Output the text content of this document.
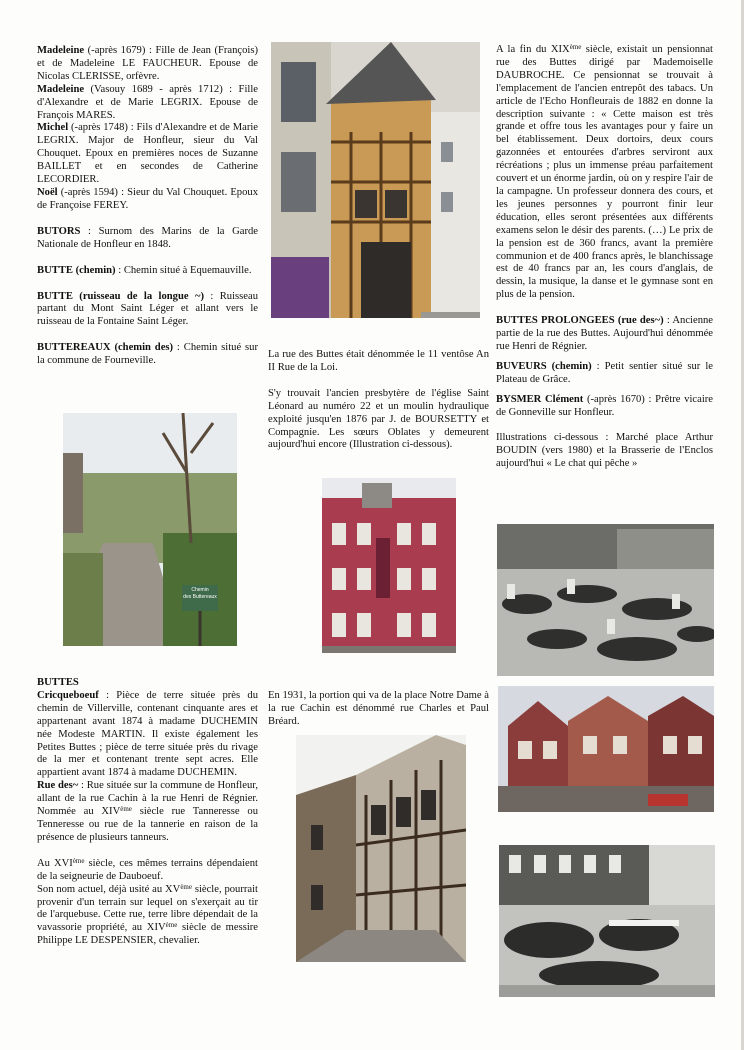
Madeleine (-après 1679) : Fille de Jean (François) et de Madeleine LE FAUCHEUR. Epouse de Nicolas CLERISSE, orfèvre.

Madeleine (Vasouy 1689 - après 1712) : Fille d'Alexandre et de Marie LEGRIX. Epouse de François MARES.

Michel (-après 1748) : Fils d'Alexandre et de Marie LEGRIX. Major de Honfleur, sieur du Val Chouquet. Epoux en premières noces de Suzanne BAILLET et en secondes de Catherine LECORDIER.

Noël (-après 1594) : Sieur du Val Chouquet. Epoux de Françoise FEREY.

BUTORS : Surnom des Marins de la Garde Nationale de Honfleur en 1848.

BUTTE (chemin) : Chemin situé à Equemauville.

BUTTE (ruisseau de la longue ~) : Ruisseau partant du Mont Saint Léger et allant vers le ruisseau de la Fontaine Saint Léger.

BUTTEREAUX (chemin des) : Chemin situé sur la commune de Fourneville.

La rue des Buttes était dénommée le 11 ventôse An II Rue de la Loi.

S'y trouvait l'ancien presbytère de l'église Saint Léonard au numéro 22 et un moulin hydraulique exploité jusqu'en 1876 par J. de BOURSETTY et Compagnie. Les sœurs Oblates y demeurent aujourd'hui encore (Illustration ci-dessous).

Chemin
des Buttereaux

En 1931, la portion qui va de la place Notre Dame à la rue Cachin est dénommé rue Charles et Paul Bréard.

BUTTES

Cricqueboeuf : Pièce de terre située près du chemin de Villerville, contenant cinquante ares et appartenant avant 1874 à madame DUCHEMIN née Modeste MARTIN. Il existe également les Petites Buttes ; pièce de terre située près du rivage de la mer et contenant trente sept acres. Elle appartient avant 1874 à madame DUCHEMIN.

Rue des~ : Rue située sur la commune de Honfleur, allant de la rue Cachin à la rue Henri de Régnier. Nommée au XIVème siècle rue Tanneresse ou Tenneresse ou rue de la tannerie en raison de la présence de plusieurs tanneurs.

Au XVIème siècle, ces mêmes terrains dépendaient de la seigneurie de Dauboeuf.

Son nom actuel, déjà usité au XVème siècle, pourrait provenir d'un terrain sur lequel on s'exerçait au tir de l'arquebuse. Cette rue, terre libre dépendait de la vavassorie propriété, au XIVème siècle de messire Philippe LE DESPENSIER, chevalier.

A la fin du XIXème siècle, existait un pensionnat rue des Buttes dirigé par Mademoiselle DAUBROCHE. Ce pensionnat se trouvait à l'emplacement de l'ancien entrepôt des tabacs. Un article de l'Echo Honfleurais de 1882 en donne la description suivante : « Cette maison est très grande et offre tous les avantages pour y faire un bel établissement. Deux dortoirs, deux cours gazonnées et entourées d'arbres serviront aux récréations ; plus un immense préau parfaitement couvert et un énorme jardin, où on y respire l'air de la campagne. Un professeur donnera des cours, et les jeunes personnes y pourront finir leur éducation, elles seront présentées aux différents examens selon le désir des parents. (…) Le prix de la pension est de 360 francs, avant la première communion et de 400 francs après, le blanchissage est de 40 francs par an, les cours d'anglais, de dessin, la musique, la danse et le gymnase sont en plus de la pension.

BUTTES PROLONGEES (rue des~) : Ancienne partie de la rue des Buttes. Aujourd'hui dénommée rue Henri de Régnier.

BUVEURS (chemin) : Petit sentier situé sur le Plateau de Grâce.

BYSMER Clément (-après 1670) : Prêtre vicaire de Gonneville sur Honfleur.

Illustrations ci-dessous : Marché place Arthur BOUDIN (vers 1980) et la Brasserie de l'Enclos aujourd'hui « Le chat qui pêche »
